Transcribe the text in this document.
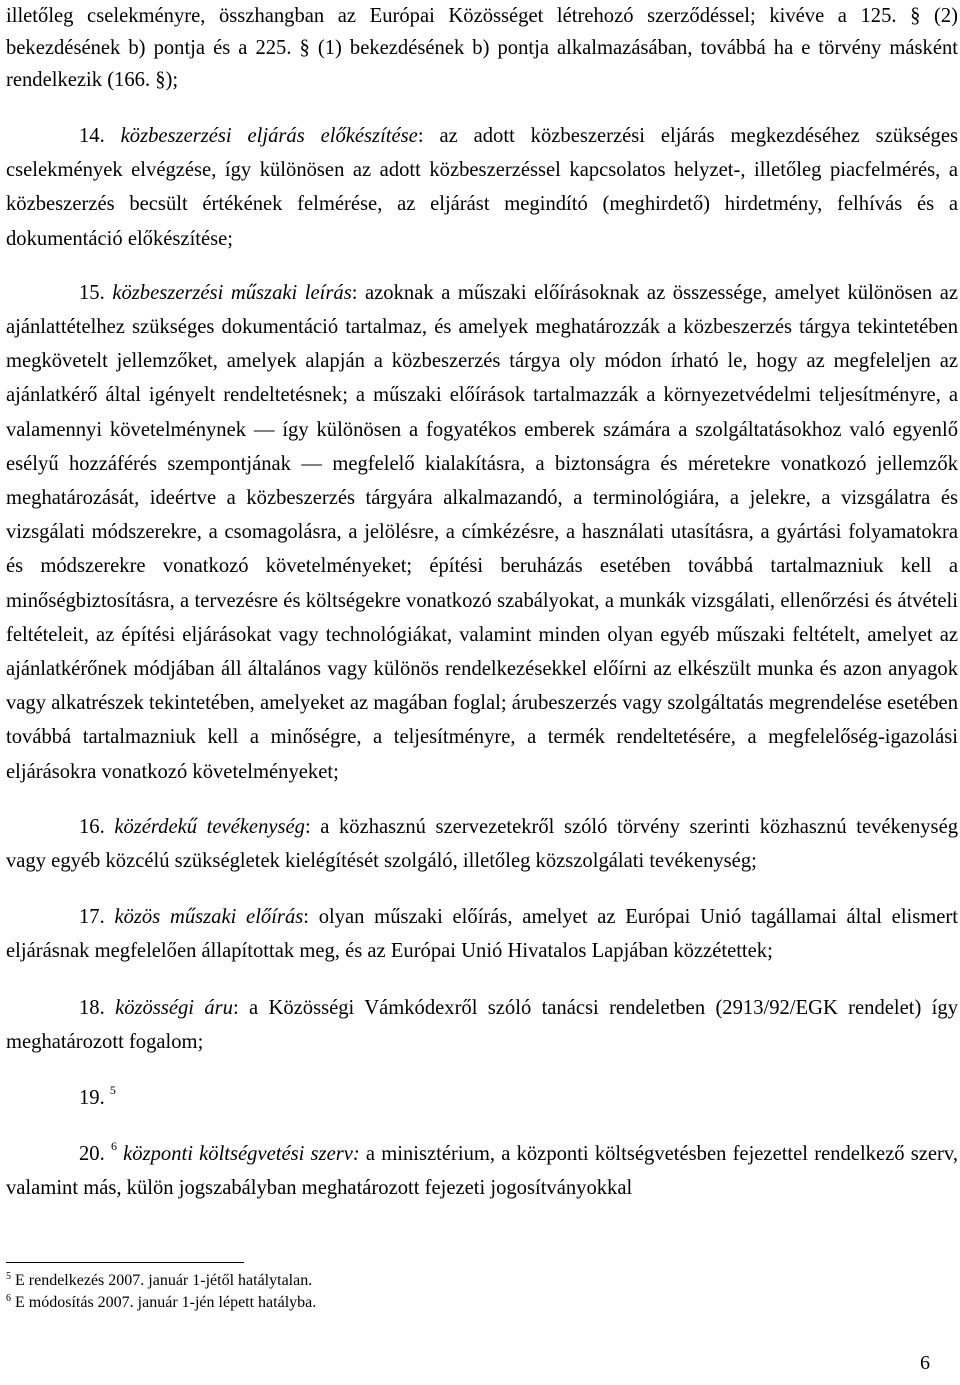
illetőleg cselekményre, összhangban az Európai Közösséget létrehozó szerződéssel; kivéve a 125. § (2) bekezdésének b) pontja és a 225. § (1) bekezdésének b) pontja alkalmazásában, továbbá ha e törvény másként rendelkezik (166. §);

14. közbeszerzési eljárás előkészítése: az adott közbeszerzési eljárás megkezdéséhez szükséges cselekmények elvégzése, így különösen az adott közbeszerzéssel kapcsolatos helyzet-, illetőleg piacfelmérés, a közbeszerzés becsült értékének felmérése, az eljárást megindító (meghirdető) hirdetmény, felhívás és a dokumentáció előkészítése;

15. közbeszerzési műszaki leírás: azoknak a műszaki előírásoknak az összessége, amelyet különösen az ajánlattételhez szükséges dokumentáció tartalmaz, és amelyek meghatározzák a közbeszerzés tárgya tekintetében megkövetelt jellemzőket, amelyek alapján a közbeszerzés tárgya oly módon írható le, hogy az megfeleljen az ajánlatkérő által igényelt rendeltetésnek; a műszaki előírások tartalmazzák a környezetvédelmi teljesítményre, a valamennyi követelménynek — így különösen a fogyatékos emberek számára a szolgáltatásokhoz való egyenlő esélyű hozzáférés szempontjának — megfelelő kialakításra, a biztonságra és méretekre vonatkozó jellemzők meghatározását, ideértve a közbeszerzés tárgyára alkalmazandó, a terminológiára, a jelekre, a vizsgálatra és vizsgálati módszerekre, a csomagolásra, a jelölésre, a címkézésre, a használati utasításra, a gyártási folyamatokra és módszerekre vonatkozó követelményeket; építési beruházás esetében továbbá tartalmazniuk kell a minőségbiztosításra, a tervezésre és költségekre vonatkozó szabályokat, a munkák vizsgálati, ellenőrzési és átvételi feltételeit, az építési eljárásokat vagy technológiákat, valamint minden olyan egyéb műszaki feltételt, amelyet az ajánlatkérőnek módjában áll általános vagy különös rendelkezésekkel előírni az elkészült munka és azon anyagok vagy alkatrészek tekintetében, amelyeket az magában foglal; árubeszerzés vagy szolgáltatás megrendelése esetében továbbá tartalmazniuk kell a minőségre, a teljesítményre, a termék rendeltetésére, a megfelelőség-igazolási eljárásokra vonatkozó követelményeket;

16. közérdekű tevékenység: a közhasznú szervezetekről szóló törvény szerinti közhasznú tevékenység vagy egyéb közcélú szükségletek kielégítését szolgáló, illetőleg közszolgálati tevékenység;

17. közös műszaki előírás: olyan műszaki előírás, amelyet az Európai Unió tagállamai által elismert eljárásnak megfelelően állapítottak meg, és az Európai Unió Hivatalos Lapjában közzétettek;

18. közösségi áru: a Közösségi Vámkódexről szóló tanácsi rendeletben (2913/92/EGK rendelet) így meghatározott fogalom;

19. $^5$

20. $^6$ központi költségvetési szerv: a minisztérium, a központi költségvetésben fejezettel rendelkező szerv, valamint más, külön jogszabályban meghatározott fejezeti jogosítványokkal

$^5$ E rendelkezés 2007. január 1-jétől hatálytalan.

$^6$ E módosítás 2007. január 1-jén lépett hatályba.

6
